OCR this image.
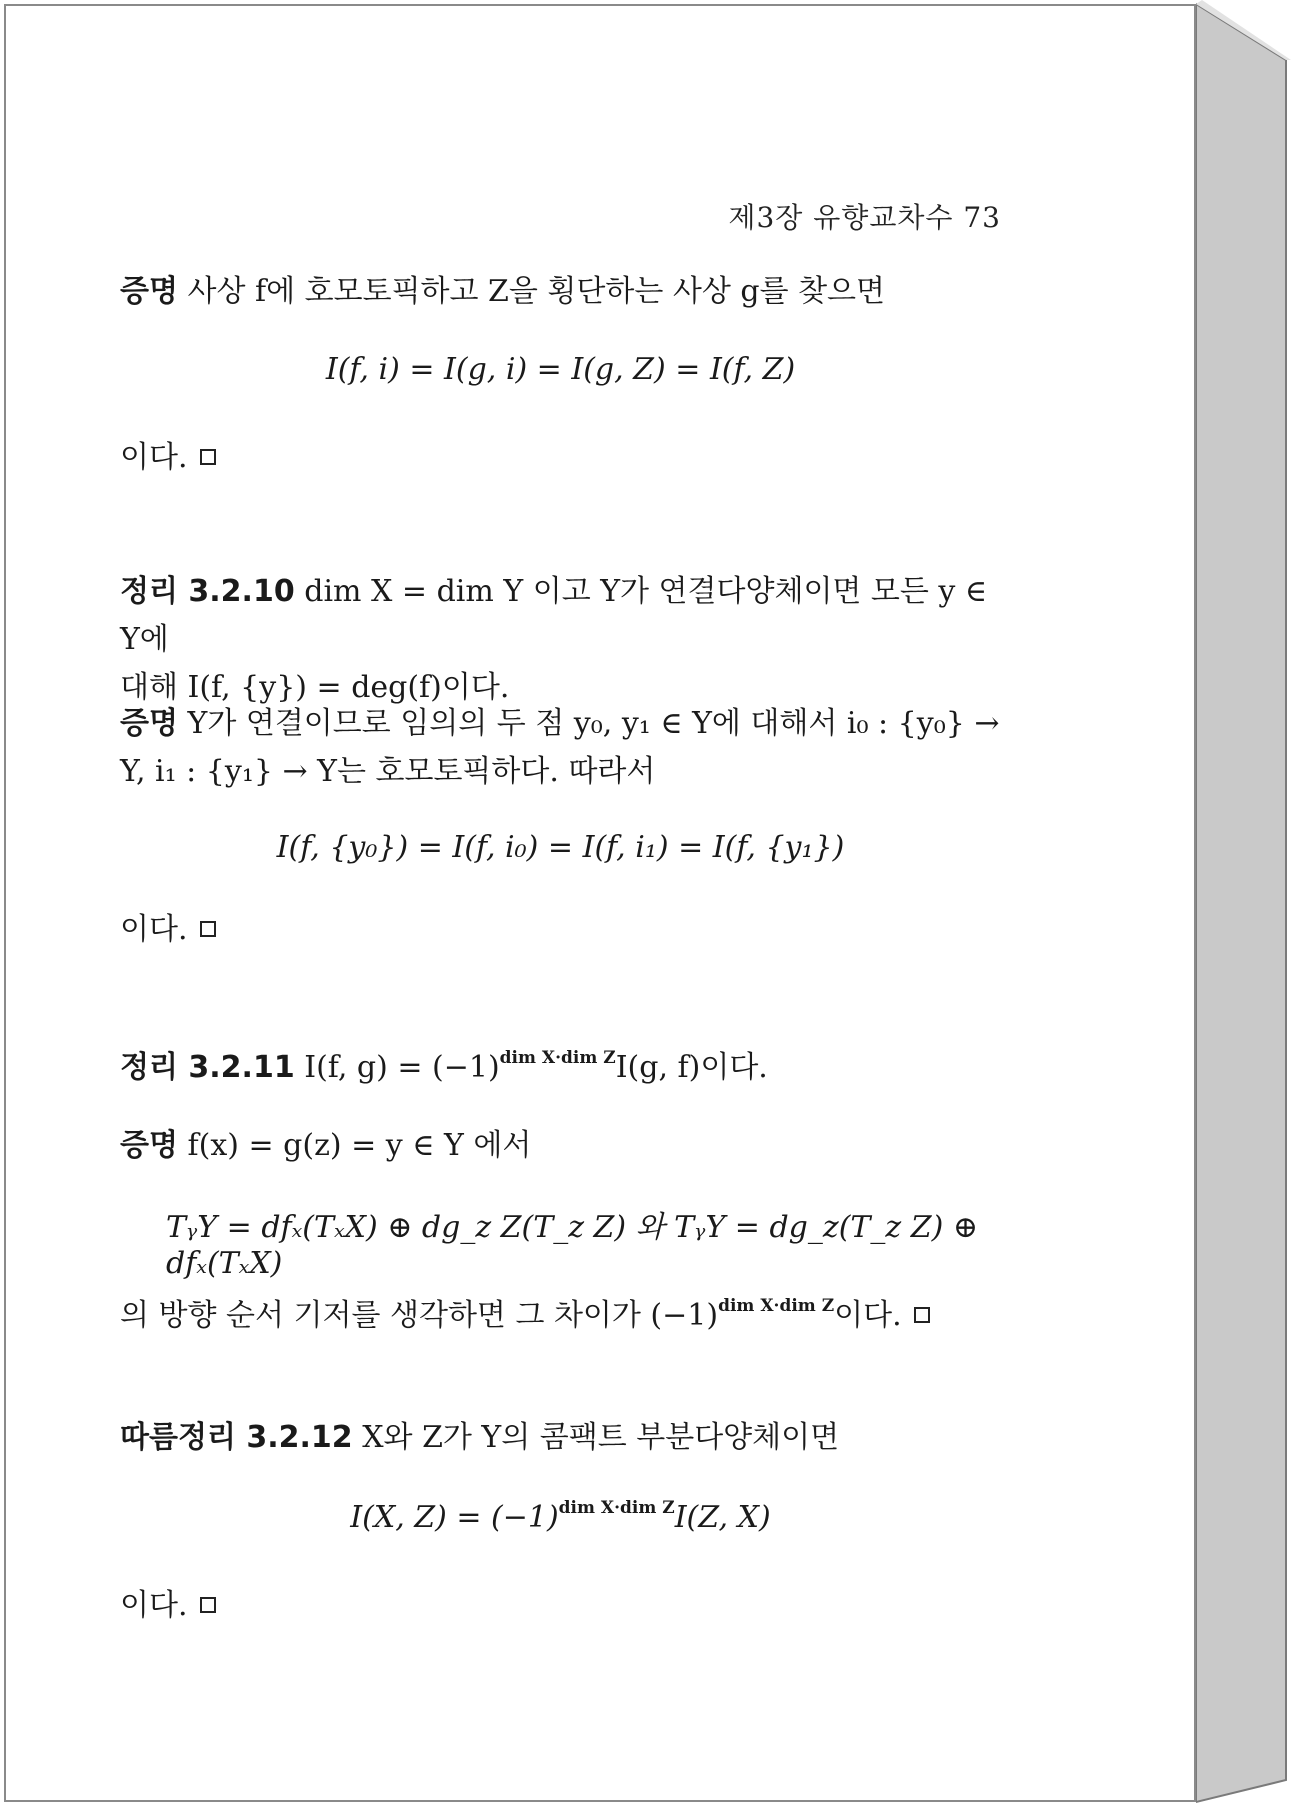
제3장 유향교차수 73
증명 사상 f에 호모토픽하고 Z을 횡단하는 사상 g를 찾으면
I(f, i) = I(g, i) = I(g, Z) = I(f, Z)
이다.
정리 3.2.10 dim X = dim Y 이고 Y가 연결다양체이면 모든 y ∈ Y에
대해 I(f, {y}) = deg(f)이다.
증명 Y가 연결이므로 임의의 두 점 y₀, y₁ ∈ Y에 대해서 i₀ : {y₀} →
Y, i₁ : {y₁} → Y는 호모토픽하다. 따라서
I(f, {y₀}) = I(f, i₀) = I(f, i₁) = I(f, {y₁})
이다.
정리 3.2.11 I(f, $g) = (-1)^{dim X\cdot dim Z}I(g$, f)이다.
증명 f(x) = g(z) = y ∈ Y 에서
TᵧY = dfₓ(TₓX) ⊕ dg_z Z(T_z Z) 와 TᵧY = dg_z(T_z Z) ⊕ dfₓ(TₓX)
의 방향 순서 기저를 생각하면 그 차이가 $(-1)^{dim X\cdot dim Z}$이다.
따름정리 3.2.12 X와 Z가 Y의 콤팩트 부분다양체이면
I(X, $Z) = (-1)^{dim X\cdot dim Z}I(Z$, X)
이다.
